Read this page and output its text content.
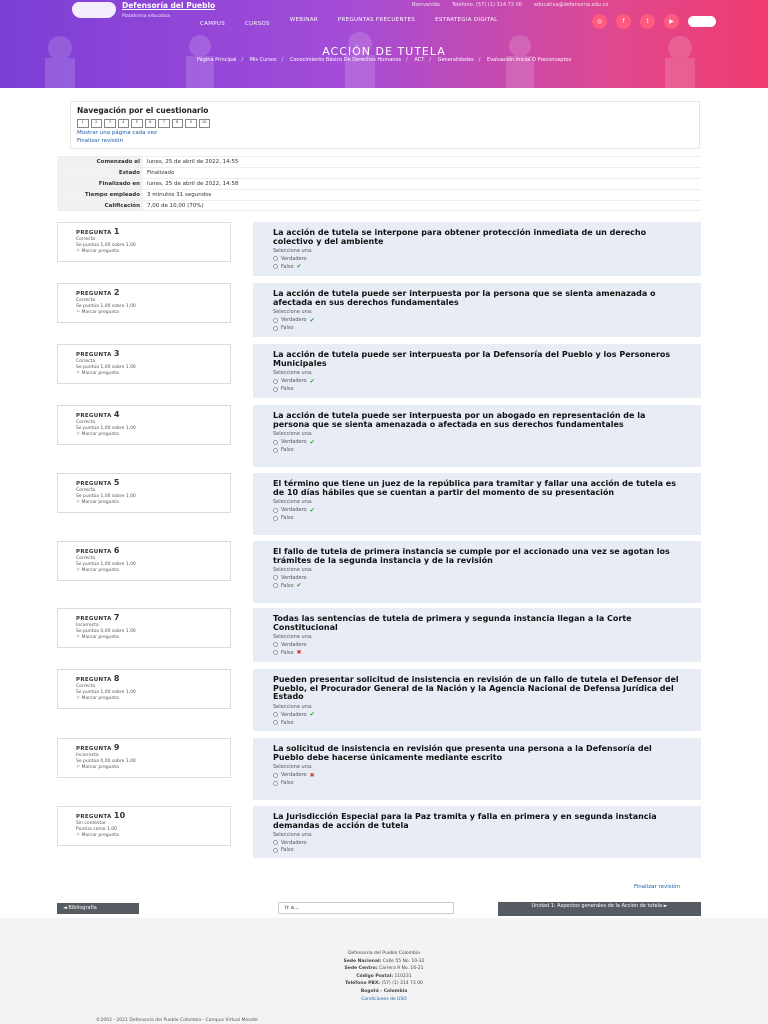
Defensoría del Pueblo
Plataforma educativa
Bienvenido Teléfono: (57) (1) 314 73 00 educativa@defensoria.edu.co
CAMPUS	CURSOS
WEBINAR	PREGUNTAS FRECUENTES	ESTRATEGIA DIGITAL	◎	f	t	▶
ACCIÓN DE TUTELA
Página Principal / Mis Cursos / Conocimiento Básico De Derechos Humanos / ACT / Generalidades / Evaluación Inicial O Preconceptos
Navegación por el cuestionario
1	2	3	4	5	6	7	8	9	10
Mostrar una página cada vez
Finalizar revisión
Comenzado el	lunes, 25 de abril de 2022, 14:55
Estado	Finalizado
Finalizado en	lunes, 25 de abril de 2022, 14:58
Tiempo empleado	3 minutos 31 segundos
Calificación	7,00 de 10,00 (70%)
PREGUNTA 1
Correcta
Se puntúa 1,00 sobre 1,00
⚐ Marcar pregunta
La acción de tutela se interpone para obtener protección inmediata de un derecho colectivo y del ambiente
Seleccione una:
Verdadero
Falso ✔
PREGUNTA 2
Correcta
Se puntúa 1,00 sobre 1,00
⚐ Marcar pregunta
La acción de tutela puede ser interpuesta por la persona que se sienta amenazada o afectada en sus derechos fundamentales
Seleccione una:
Verdadero ✔
Falso
PREGUNTA 3
Correcta
Se puntúa 1,00 sobre 1,00
⚐ Marcar pregunta
La acción de tutela puede ser interpuesta por la Defensoría del Pueblo y los Personeros Municipales
Seleccione una:
Verdadero ✔
Falso
PREGUNTA 4
Correcta
Se puntúa 1,00 sobre 1,00
⚐ Marcar pregunta
La acción de tutela puede ser interpuesta por un abogado en representación de la persona que se sienta amenazada o afectada en sus derechos fundamentales
Seleccione una:
Verdadero ✔
Falso
PREGUNTA 5
Correcta
Se puntúa 1,00 sobre 1,00
⚐ Marcar pregunta
El término que tiene un juez de la república para tramitar y fallar una acción de tutela es de 10 días hábiles que se cuentan a partir del momento de su presentación
Seleccione una:
Verdadero ✔
Falso
PREGUNTA 6
Correcta
Se puntúa 1,00 sobre 1,00
⚐ Marcar pregunta
El fallo de tutela de primera instancia se cumple por el accionado una vez se agotan los trámites de la segunda instancia y de la revisión
Seleccione una:
Verdadero
Falso ✔
PREGUNTA 7
Incorrecta
Se puntúa 0,00 sobre 1,00
⚐ Marcar pregunta
Todas las sentencias de tutela de primera y segunda instancia llegan a la Corte Constitucional
Seleccione una:
Verdadero
Falso ✖
PREGUNTA 8
Correcta
Se puntúa 1,00 sobre 1,00
⚐ Marcar pregunta
Pueden presentar solicitud de insistencia en revisión de un fallo de tutela el Defensor del Pueblo, el Procurador General de la Nación y la Agencia Nacional de Defensa Jurídica del Estado
Seleccione una:
Verdadero ✔
Falso
PREGUNTA 9
Incorrecta
Se puntúa 0,00 sobre 1,00
⚐ Marcar pregunta
La solicitud de insistencia en revisión que presenta una persona a la Defensoría del Pueblo debe hacerse únicamente mediante escrito
Seleccione una:
Verdadero ✖
Falso
PREGUNTA 10
Sin contestar
Puntúa como 1,00
⚐ Marcar pregunta
La Jurisdicción Especial para la Paz tramita y falla en primera y en segunda instancia demandas de acción de tutela
Seleccione una:
Verdadero
Falso
Finalizar revisión
◄ Bibliografía	Ir a...	Unidad 1: Aspectos generales de la Acción de tutela ►
Defensoría del Pueblo Colombia
Sede Nacional: Calle 55 No. 10-32
Sede Centro: Carrera 9 No. 16-21
Código Postal: 110231
Teléfono PBX: (57) (1) 314 73 00
Bogotá - Colombia
Condiciones de USO
©2002 - 2021 Defensoría del Pueblo Colombia - Campus Virtual Moodle
